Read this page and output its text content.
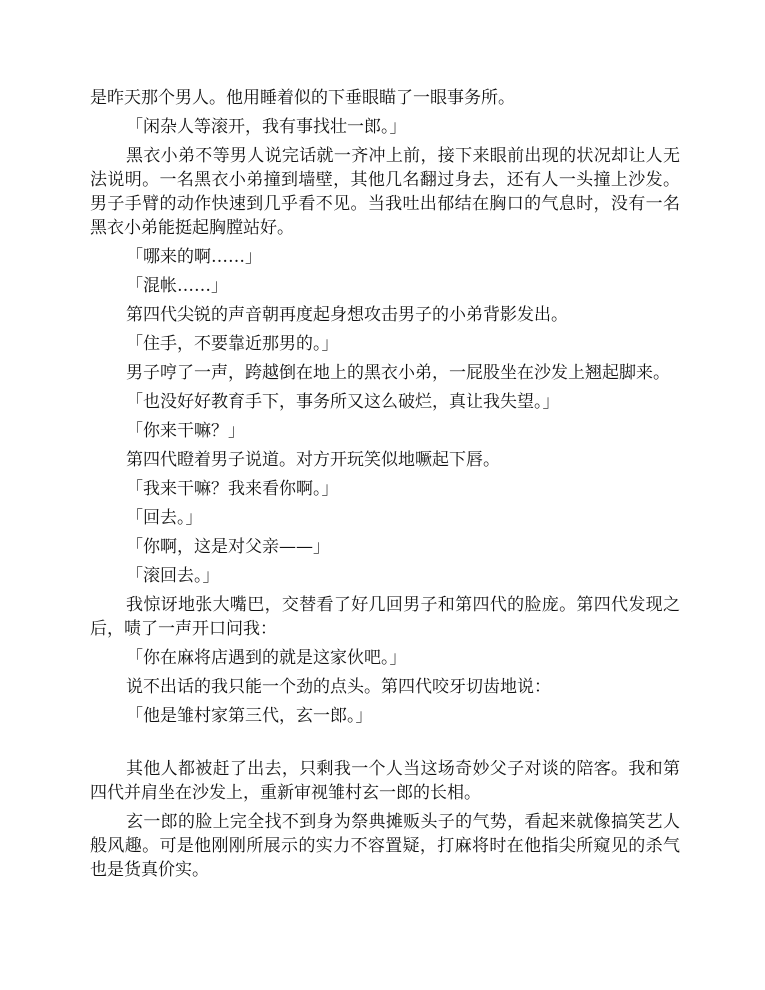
是昨天那个男人。他用睡着似的下垂眼瞄了一眼事务所。

「闲杂人等滚开，我有事找壮一郎。」

黑衣小弟不等男人说完话就一齐冲上前，接下来眼前出现的状况却让人无法说明。一名黑衣小弟撞到墙壁，其他几名翻过身去，还有人一头撞上沙发。男子手臂的动作快速到几乎看不见。当我吐出郁结在胸口的气息时，没有一名黑衣小弟能挺起胸膛站好。

「哪来的啊……」

「混帐……」

第四代尖锐的声音朝再度起身想攻击男子的小弟背影发出。

「住手，不要靠近那男的。」

男子哼了一声，跨越倒在地上的黑衣小弟，一屁股坐在沙发上翘起脚来。

「也没好好教育手下，事务所又这么破烂，真让我失望。」

「你来干嘛？」

第四代瞪着男子说道。对方开玩笑似地噘起下唇。

「我来干嘛？我来看你啊。」

「回去。」

「你啊，这是对父亲——」

「滚回去。」

我惊讶地张大嘴巴，交替看了好几回男子和第四代的脸庞。第四代发现之后，啧了一声开口问我：

「你在麻将店遇到的就是这家伙吧。」

说不出话的我只能一个劲的点头。第四代咬牙切齿地说：

「他是雏村家第三代，玄一郎。」

其他人都被赶了出去，只剩我一个人当这场奇妙父子对谈的陪客。我和第四代并肩坐在沙发上，重新审视雏村玄一郎的长相。

玄一郎的脸上完全找不到身为祭典摊贩头子的气势，看起来就像搞笑艺人般风趣。可是他刚刚所展示的实力不容置疑，打麻将时在他指尖所窥见的杀气也是货真价实。
